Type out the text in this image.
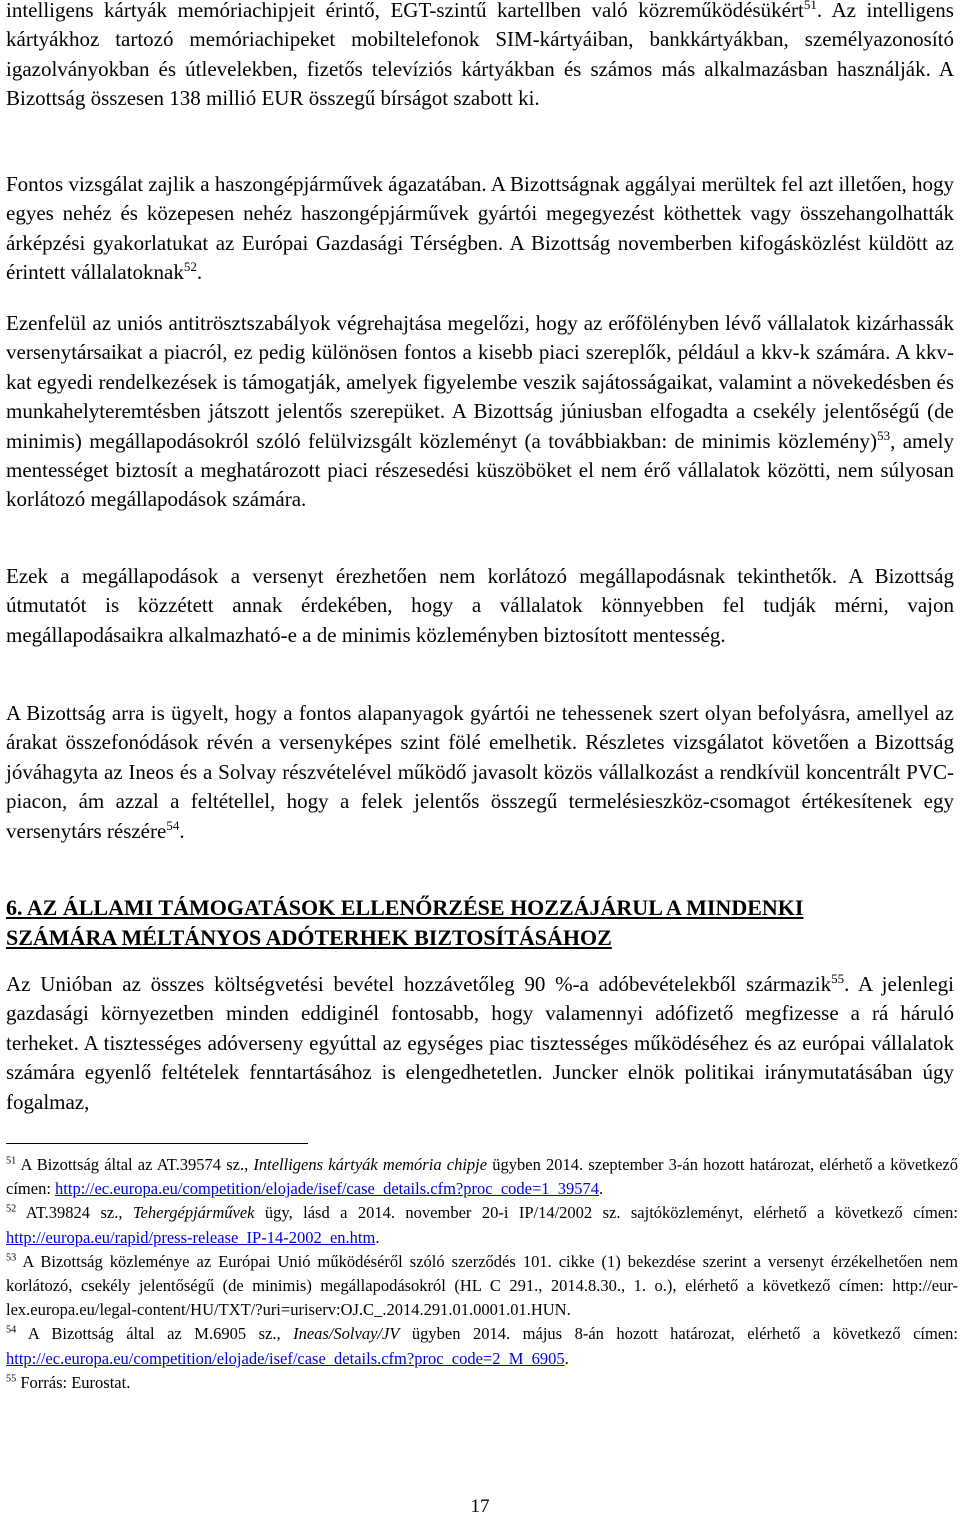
intelligens kártyák memóriachipjeit érintő, EGT-szintű kartellben való közreműködésükért$^{51}$. Az intelligens kártyákhoz tartozó memóriachipeket mobiltelefonok SIM-kártyáiban, bankkártyákban, személyazonosító igazolványokban és útlevelekben, fizetős televíziós kártyákban és számos más alkalmazásban használják. A Bizottság összesen 138 millió EUR összegű bírságot szabott ki.

Fontos vizsgálat zajlik a haszongépjárművek ágazatában. A Bizottságnak aggályai merültek fel azt illetően, hogy egyes nehéz és közepesen nehéz haszongépjárművek gyártói megegyezést köthettek vagy összehangolhatták árképzési gyakorlatukat az Európai Gazdasági Térségben. A Bizottság novemberben kifogásközlést küldött az érintett vállalatoknak$^{52}$.

Ezenfelül az uniós antitrösztszabályok végrehajtása megelőzi, hogy az erőfölényben lévő vállalatok kizárhassák versenytársaikat a piacról, ez pedig különösen fontos a kisebb piaci szereplők, például a kkv-k számára. A kkv-kat egyedi rendelkezések is támogatják, amelyek figyelembe veszik sajátosságaikat, valamint a növekedésben és munkahelyteremtésben játszott jelentős szerepüket. A Bizottság júniusban elfogadta a csekély jelentőségű (de minimis) megállapodásokról szóló felülvizsgált közleményt (a továbbiakban: de minimis közlemény)$^{53}$, amely mentességet biztosít a meghatározott piaci részesedési küszöböket el nem érő vállalatok közötti, nem súlyosan korlátozó megállapodások számára.

Ezek a megállapodások a versenyt érezhetően nem korlátozó megállapodásnak tekinthetők. A Bizottság útmutatót is közzétett annak érdekében, hogy a vállalatok könnyebben fel tudják mérni, vajon megállapodásaikra alkalmazható-e a de minimis közleményben biztosított mentesség.

A Bizottság arra is ügyelt, hogy a fontos alapanyagok gyártói ne tehessenek szert olyan befolyásra, amellyel az árakat összefonódások révén a versenyképes szint fölé emelhetik. Részletes vizsgálatot követően a Bizottság jóváhagyta az Ineos és a Solvay részvételével működő javasolt közös vállalkozást a rendkívül koncentrált PVC-piacon, ám azzal a feltétellel, hogy a felek jelentős összegű termelésieszköz-csomagot értékesítenek egy versenytárs részére$^{54}$.

6. AZ ÁLLAMI TÁMOGATÁSOK ELLENŐRZÉSE HOZZÁJÁRUL A MINDENKI
SZÁMÁRA MÉLTÁNYOS ADÓTERHEK BIZTOSÍTÁSÁHOZ

Az Unióban az összes költségvetési bevétel hozzávetőleg 90 %-a adóbevételekből származik$^{55}$. A jelenlegi gazdasági környezetben minden eddiginél fontosabb, hogy valamennyi adófizető megfizesse a rá háruló terheket. A tisztességes adóverseny egyúttal az egységes piac tisztességes működéséhez és az európai vállalatok számára egyenlő feltételek fenntartásához is elengedhetetlen. Juncker elnök politikai iránymutatásában úgy fogalmaz,

$^{51}$ A Bizottság által az AT.39574 sz., Intelligens kártyák memória chipje ügyben 2014. szeptember 3-án hozott határozat, elérhető a következő címen: http://ec.europa.eu/competition/elojade/isef/case_details.cfm?proc_code=1_39574.

$^{52}$ AT.39824 sz., Tehergépjárművek ügy, lásd a 2014. november 20-i IP/14/2002 sz. sajtóközleményt, elérhető a következő címen: http://europa.eu/rapid/press-release_IP-14-2002_en.htm.

$^{53}$ A Bizottság közleménye az Európai Unió működéséről szóló szerződés 101. cikke (1) bekezdése szerint a versenyt érzékelhetően nem korlátozó, csekély jelentőségű (de minimis) megállapodásokról (HL C 291., 2014.8.30., 1. o.), elérhető a következő címen: http://eur-lex.europa.eu/legal-content/HU/TXT/?uri=uriserv:OJ.C_.2014.291.01.0001.01.HUN.

$^{54}$ A Bizottság által az M.6905 sz., Ineas/Solvay/JV ügyben 2014. május 8-án hozott határozat, elérhető a következő címen: http://ec.europa.eu/competition/elojade/isef/case_details.cfm?proc_code=2_M_6905.

$^{55}$ Forrás: Eurostat.

17
